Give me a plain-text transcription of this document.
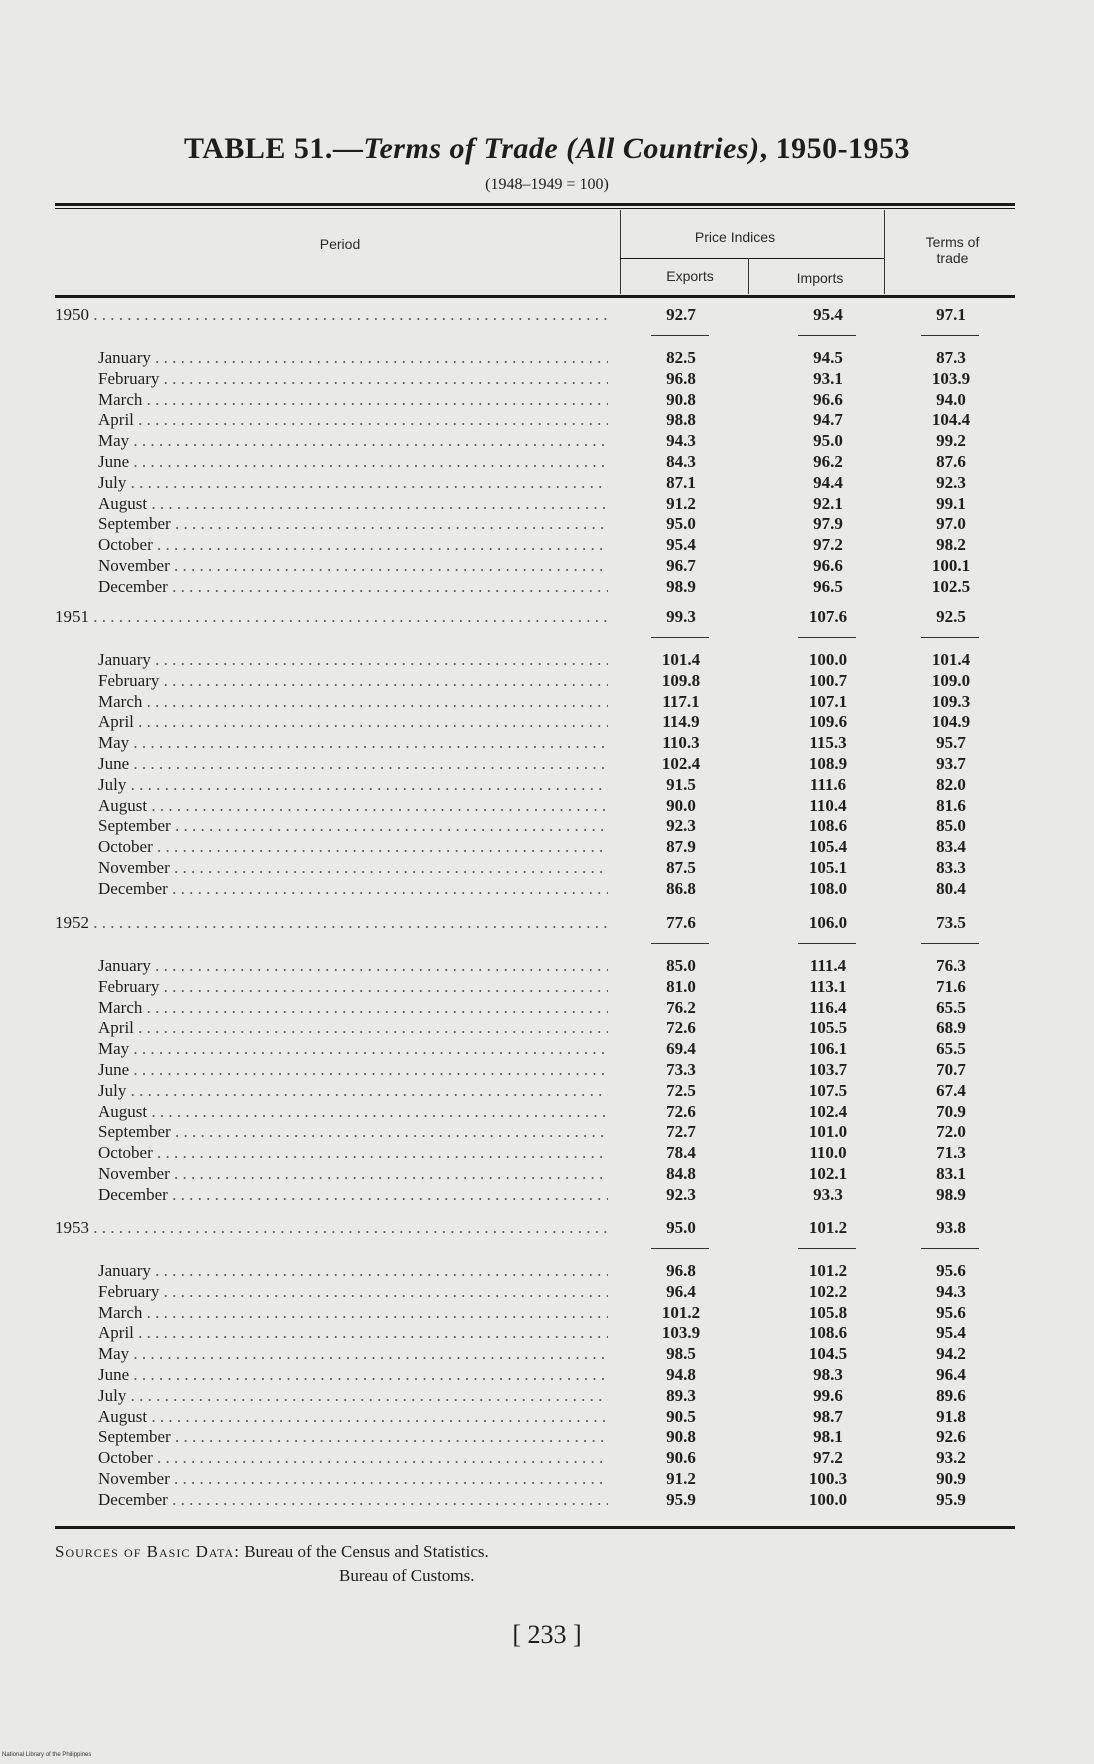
TABLE 51.—Terms of Trade (All Countries), 1950-1953
(1948–1949 = 100)
Period	Price Indices
Exports	Imports
Terms of
trade
1950 . . .	92.7	95.4	97.1
January . . .	82.5	94.5	87.3
February . . .	96.8	93.1	103.9
March . . .	90.8	96.6	94.0
April . . .	98.8	94.7	104.4
May . . .	94.3	95.0	99.2
June . . .	84.3	96.2	87.6
July . . .	87.1	94.4	92.3
August . . .	91.2	92.1	99.1
September . . .	95.0	97.9	97.0
October . . .	95.4	97.2	98.2
November . . .	96.7	96.6	100.1
December . . .	98.9	96.5	102.5
1951 . . .	99.3	107.6	92.5
January . . .	101.4	100.0	101.4
February . . .	109.8	100.7	109.0
March . . .	117.1	107.1	109.3
April . . .	114.9	109.6	104.9
May . . .	110.3	115.3	95.7
June . . .	102.4	108.9	93.7
July . . .	91.5	111.6	82.0
August . . .	90.0	110.4	81.6
September . . .	92.3	108.6	85.0
October . . .	87.9	105.4	83.4
November . . .	87.5	105.1	83.3
December . . .	86.8	108.0	80.4
1952 . . .	77.6	106.0	73.5
January . . .	85.0	111.4	76.3
February . . .	81.0	113.1	71.6
March . . .	76.2	116.4	65.5
April . . .	72.6	105.5	68.9
May . . .	69.4	106.1	65.5
June . . .	73.3	103.7	70.7
July . . .	72.5	107.5	67.4
August . . .	72.6	102.4	70.9
September . . .	72.7	101.0	72.0
October . . .	78.4	110.0	71.3
November . . .	84.8	102.1	83.1
December . . .	92.3	93.3	98.9
1953 . . .	95.0	101.2	93.8
January . . .	96.8	101.2	95.6
February . . .	96.4	102.2	94.3
March . . .	101.2	105.8	95.6
April . . .	103.9	108.6	95.4
May . . .	98.5	104.5	94.2
June . . .	94.8	98.3	96.4
July . . .	89.3	99.6	89.6
August . . .	90.5	98.7	91.8
September . . .	90.8	98.1	92.6
October . . .	90.6	97.2	93.2
November . . .	91.2	100.3	90.9
December . . .	95.9	100.0	95.9
Sources of Basic Data: Bureau of the Census and Statistics.
Bureau of Customs.
[ 233 ]
National Library of the Philippines
